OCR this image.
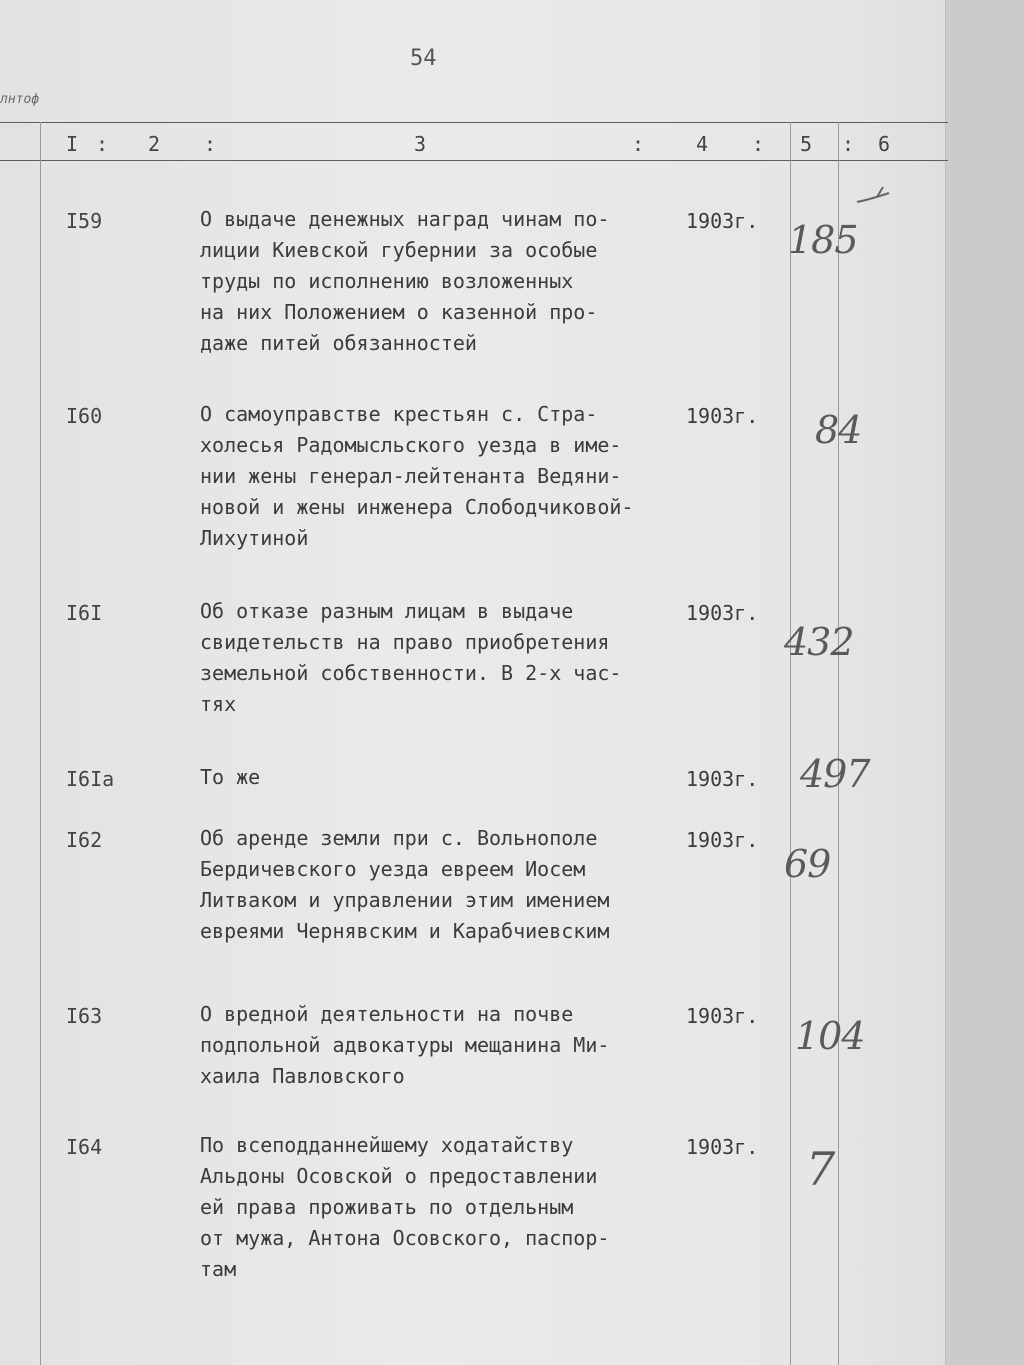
54
лнтоф
I : 2 :	3	:	4 : 5 : 6
I59	О выдаче денежных наград чинам по-
лиции Киевской губернии за особые
труды по исполнению возложенных
на них Положением о казенной про-
даже питей обязанностей
1903г. 185
I60	О самоуправстве крестьян с. Стра-
холесья Радомысльского уезда в име-
нии жены генерал-лейтенанта Ведяни-
новой и жены инженера Слободчиковой-
Лихутиной
1903г. 84
I6I	Об отказе разным лицам в выдаче
свидетельств на право приобретения
земельной собственности. В 2-х час-
тях
1903г.
432
I6Iа	То же	1903г. 497
I62	Об аренде земли при с. Вольнополе
Бердичевского уезда евреем Иосем
Литваком и управлении этим имением
евреями Чернявским и Карабчиевским
1903г.
69
I63	О вредной деятельности на почве
подпольной адвокатуры мещанина Ми-
хаила Павловского
1903г. 104
I64	По всеподданнейшему ходатайству
Альдоны Осовской о предоставлении
ей права проживать по отдельным
от мужа, Антона Осовского, паспор-
там
1903г. 7
